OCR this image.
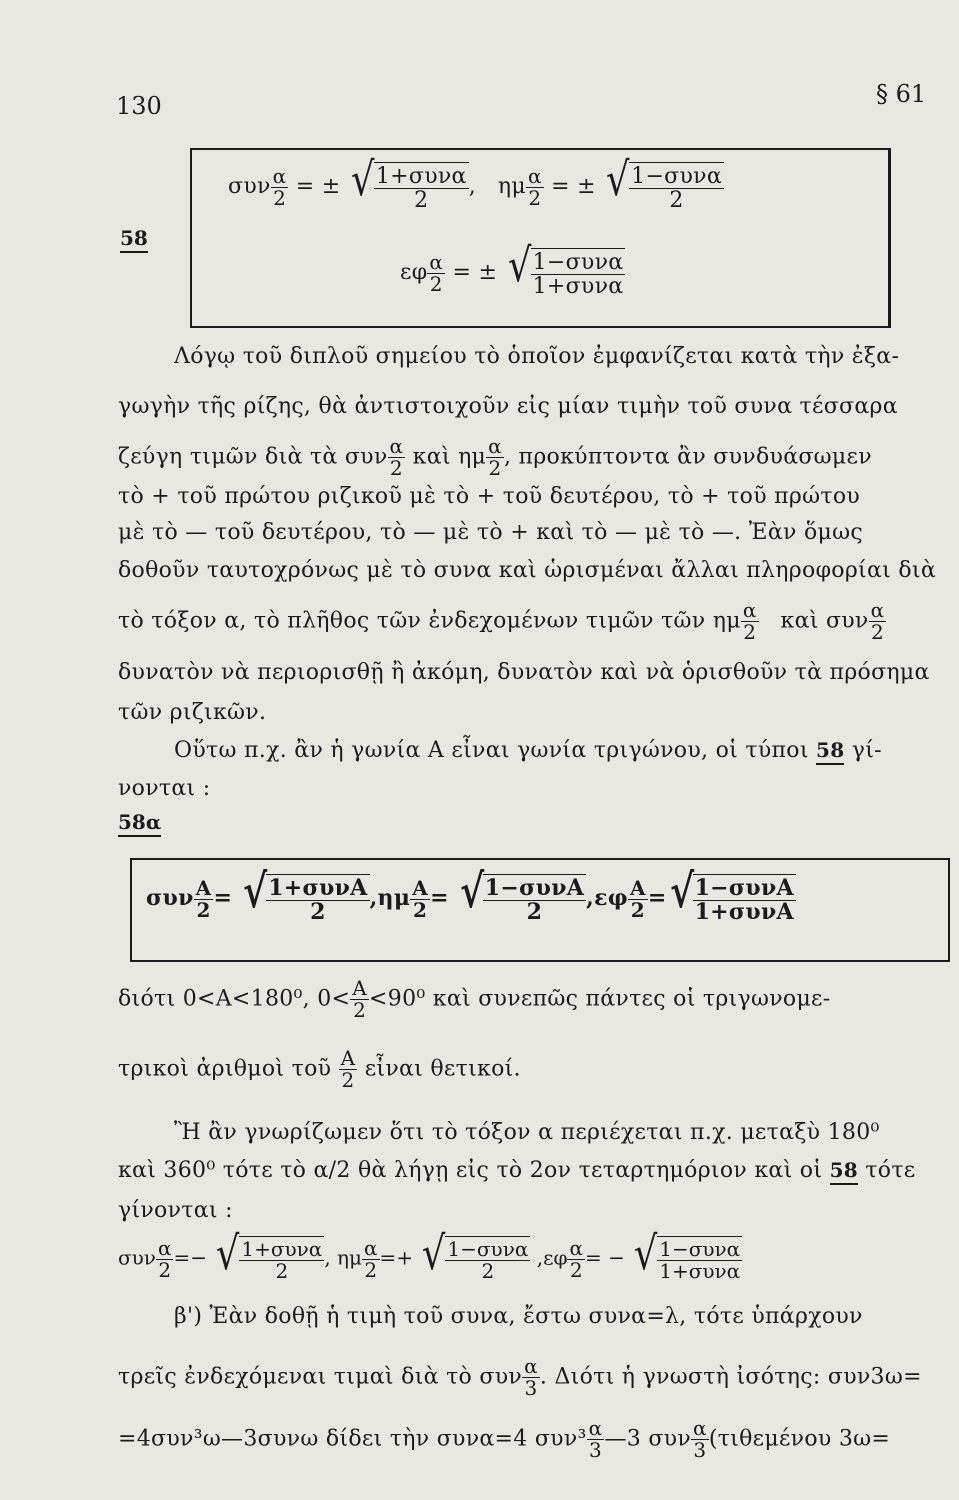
130	§ 61
58
συν $\frac{\alpha}{2}$ = ± √ $\frac{\text{1+συνα}}{2}$ , ημ $\frac{\alpha}{2}$ = ± √ $\frac{\text{1−συνα}}{2}$
εφ $\frac{\alpha}{2}$ = ± √ $\frac{\text{1−συνα}}{\text{1+συνα}}$
Λόγῳ τοῦ διπλοῦ σημείου τὸ ὁποῖον ἐμφανίζεται κατὰ τὴν ἐξα-
γωγὴν τῆς ρίζης, θὰ ἀντιστοιχοῦν εἰς μίαν τιμὴν τοῦ συνα τέσσαρα
ζεύγη τιμῶν διὰ τὰ συν $\frac{\alpha}{2}$ καὶ ημ $\frac{\alpha}{2}$ , προκύπτοντα ἂν συνδυάσωμεν
τὸ + τοῦ πρώτου ριζικοῦ μὲ τὸ + τοῦ δευτέρου, τὸ + τοῦ πρώτου
μὲ τὸ — τοῦ δευτέρου, τὸ — μὲ τὸ + καὶ τὸ — μὲ τὸ —. Ἐὰν ὅμως
δοθοῦν ταυτοχρόνως μὲ τὸ συνα καὶ ὡρισμέναι ἄλλαι πληροφορίαι διὰ
τὸ τόξον α, τὸ πλῆθος τῶν ἐνδεχομένων τιμῶν τῶν ημ $\frac{\alpha}{2}$ καὶ συν $\frac{\alpha}{2}$
δυνατὸν νὰ περιορισθῇ ἢ ἀκόμη, δυνατὸν καὶ νὰ ὁρισθοῦν τὰ πρόσημα
τῶν ριζικῶν.
Οὕτω π.χ. ἂν ἡ γωνία Α εἶναι γωνία τριγώνου, οἱ τύποι 58 γί-
νονται :
58α
συν $\frac{A}{2}$ = √
$\frac{\text{1+συνA}}{2} ,\eta\mu \frac{A}{2}$ = √
$\frac{\text{1−συνA}}{2} ,\varepsilon\varphi \frac{A}{2}$ = √
$\frac{\text{1−συνA}}{\text{1+συνA}}$
διότι 0<A<180⁰, $0< \frac{A}{2} <90^0$ καὶ συνεπῶς πάντες οἱ τριγωνομε-
τρικοὶ ἀριθμοὶ τοῦ $\frac{A}{2}$ εἶναι θετικοί.
Ἢ ἂν γνωρίζωμεν ὅτι τὸ τόξον α περιέχεται π.χ. μεταξὺ 180⁰
καὶ 360⁰ τότε τὸ α/2 θὰ λήγῃ εἰς τὸ 2ον τεταρτημόριον καὶ οἱ 58 τότε
γίνονται :
συν $\frac{\alpha}{2}$ =− √ $\frac{\text{1+συνα}}{2}$ , ημ $\frac{\alpha}{2}$ =+ √ $\frac{\text{1−συνα}}{2} ,\varepsilon\varphi \frac{\alpha}{2}$ = − √ $\frac{\text{1−συνα}}{\text{1+συνα}}$
β') Ἐὰν δοθῇ ἡ τιμὴ τοῦ συνα, ἔστω συνα=λ, τότε ὑπάρχουν
τρεῖς ἐνδεχόμεναι τιμαὶ διὰ τὸ συν $\frac{\alpha}{3}$ . Διότι ἡ γνωστὴ ἰσότης: συν3ω=
=4συν³ω—3συνω δίδει τὴν συνα=4 $\sigma\upsilon\nu^3 \frac{\alpha}{3}$ —3 συν $\frac{\alpha}{3} (\tau\iota\theta\varepsilon\mu έ\nu o\upsilon$ 3ω=
